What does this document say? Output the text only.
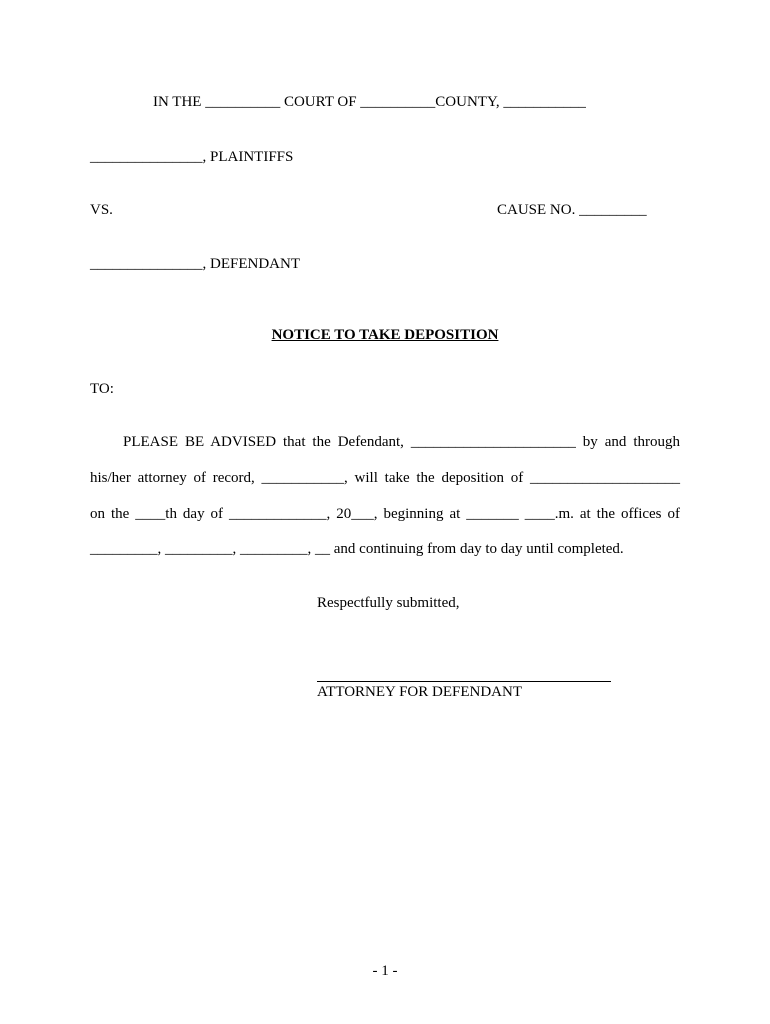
IN THE __________ COURT OF __________COUNTY, ___________
_______________, PLAINTIFFS
VS.	CAUSE NO. _________
_______________, DEFENDANT
NOTICE TO TAKE DEPOSITION
TO:
PLEASE BE ADVISED that the Defendant, ______________________ by and through
his/her attorney of record, ___________, will take the deposition of ____________________
on the ____th day of _____________, 20___, beginning at _______ ____.m. at the offices of
_________, _________, _________, __ and continuing from day to day until completed.
Respectfully submitted,
ATTORNEY FOR DEFENDANT
- 1 -
